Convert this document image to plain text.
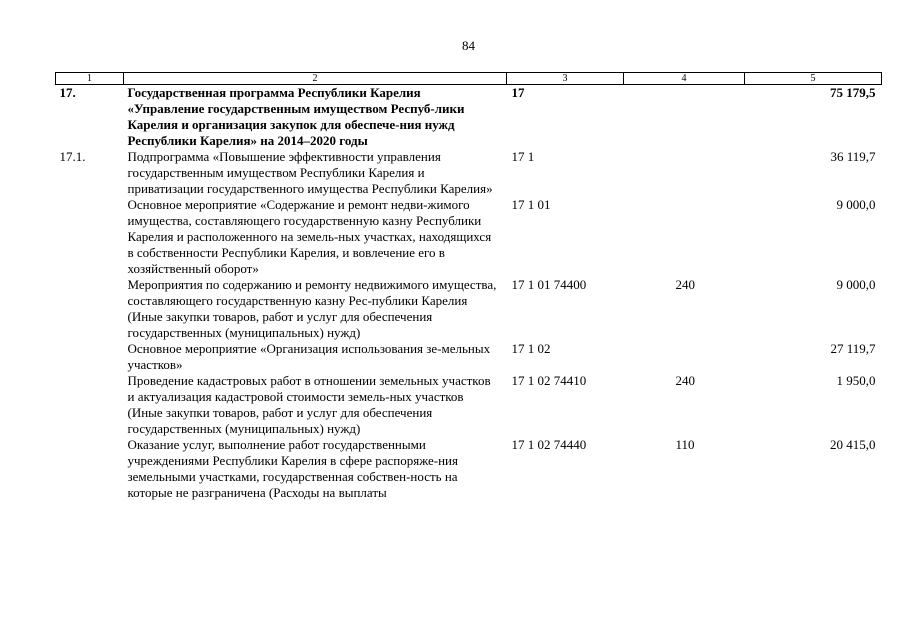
84
1	2	3	4	5
17.	Государственная программа Республики Карелия «Управление государственным имуществом Респуб-лики Карелия и организация закупок для обеспече-ния нужд Республики Карелия» на 2014–2020 годы	17		75 179,5
17.1.	Подпрограмма «Повышение эффективности управления государственным имуществом Республики Карелия и приватизации государственного имущества Республики Карелия»	17 1		36 119,7
	Основное мероприятие «Содержание и ремонт недви-жимого имущества, составляющего государственную казну Республики Карелия и расположенного на земель-ных участках, находящихся в собственности Республики Карелия, и вовлечение его в хозяйственный оборот»	17 1 01		9 000,0
	Мероприятия по содержанию и ремонту недвижимого имущества, составляющего государственную казну Рес-публики Карелия (Иные закупки товаров, работ и услуг для обеспечения государственных (муниципальных) нужд)	17 1 01 74400	240	9 000,0
	Основное мероприятие «Организация использования зе-мельных участков»	17 1 02		27 119,7
	Проведение кадастровых работ в отношении земельных участков и актуализация кадастровой стоимости земель-ных участков (Иные закупки товаров, работ и услуг для обеспечения государственных (муниципальных) нужд)	17 1 02 74410	240	1 950,0
	Оказание услуг, выполнение работ государственными учреждениями Республики Карелия в сфере распоряже-ния земельными участками, государственная собствен-ность на которые не разграничена (Расходы на выплаты	17 1 02 74440	110	20 415,0
